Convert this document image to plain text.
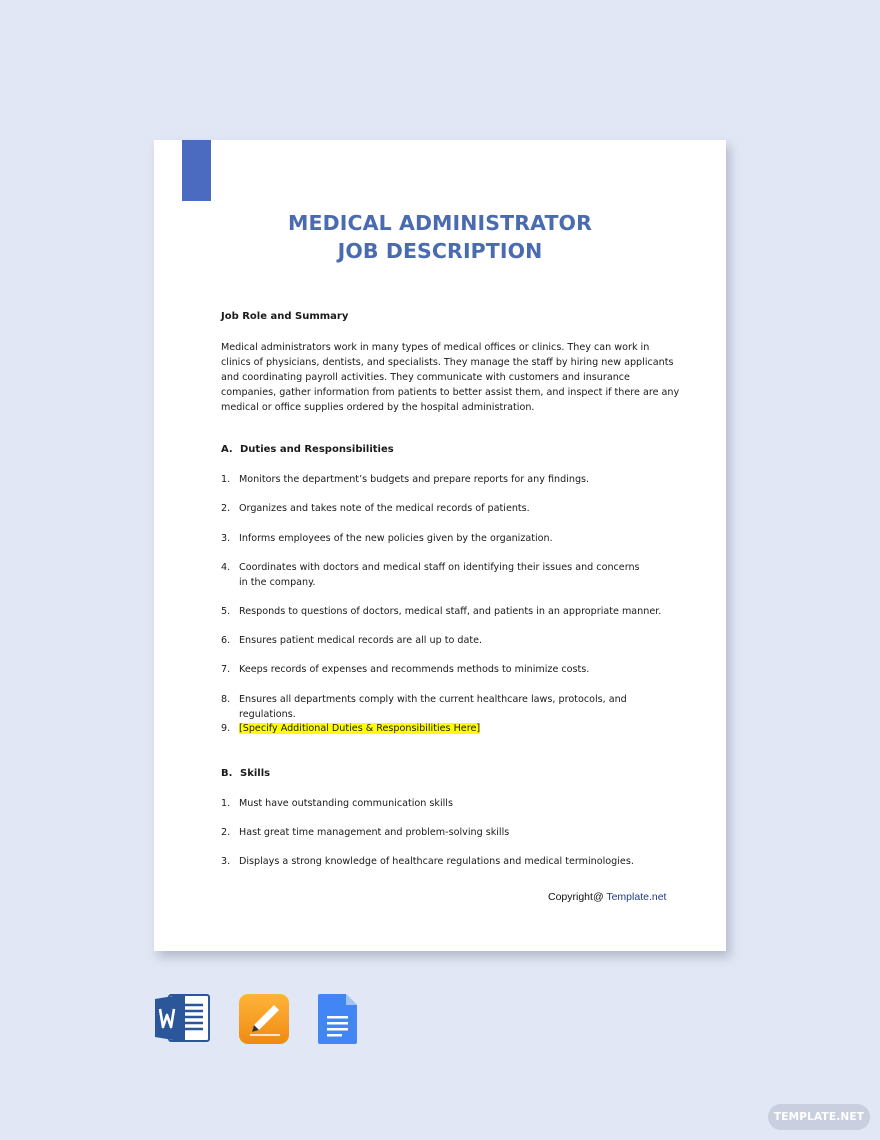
MEDICAL ADMINISTRATOR
JOB DESCRIPTION
Job Role and Summary
Medical administrators work in many types of medical offices or clinics. They can work in clinics of physicians, dentists, and specialists. They manage the staff by hiring new applicants and coordinating payroll activities. They communicate with customers and insurance companies, gather information from patients to better assist them, and inspect if there are any medical or office supplies ordered by the hospital administration.
A. Duties and Responsibilities
1. Monitors the department’s budgets and prepare reports for any findings.
2. Organizes and takes note of the medical records of patients.
3. Informs employees of the new policies given by the organization.
4. Coordinates with doctors and medical staff on identifying their issues and concerns in the company.
5. Responds to questions of doctors, medical staff, and patients in an appropriate manner.
6. Ensures patient medical records are all up to date.
7. Keeps records of expenses and recommends methods to minimize costs.
8. Ensures all departments comply with the current healthcare laws, protocols, and regulations.
9. [Specify Additional Duties & Responsibilities Here]
B. Skills
1. Must have outstanding communication skills
2. Hast great time management and problem-solving skills
3. Displays a strong knowledge of healthcare regulations and medical terminologies.
Copyright@ Template.net
TEMPLATE.NET
